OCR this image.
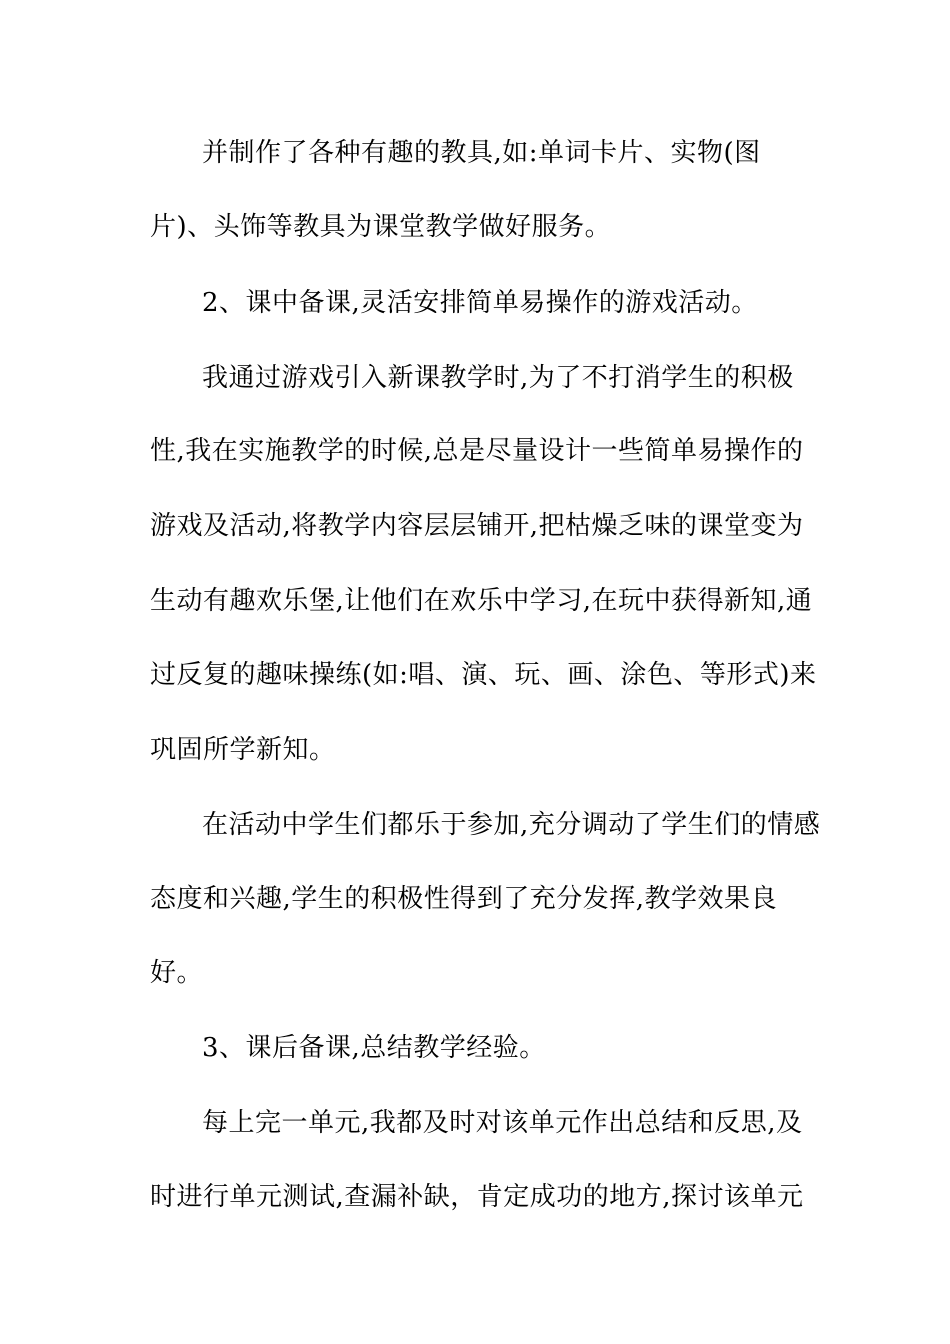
并制作了各种有趣的教具,如:单词卡片、实物(图
片)、头饰等教具为课堂教学做好服务。
2、课中备课,灵活安排简单易操作的游戏活动。
我通过游戏引入新课教学时,为了不打消学生的积极
性,我在实施教学的时候,总是尽量设计一些简单易操作的
游戏及活动,将教学内容层层铺开,把枯燥乏味的课堂变为
生动有趣欢乐堡,让他们在欢乐中学习,在玩中获得新知,通
过反复的趣味操练(如:唱、演、玩、画、涂色、等形式)来
巩固所学新知。
在活动中学生们都乐于参加,充分调动了学生们的情感
态度和兴趣,学生的积极性得到了充分发挥,教学效果良
好。
3、课后备课,总结教学经验。
每上完一单元,我都及时对该单元作出总结和反思,及
时进行单元测试,查漏补缺，肯定成功的地方,探讨该单元
